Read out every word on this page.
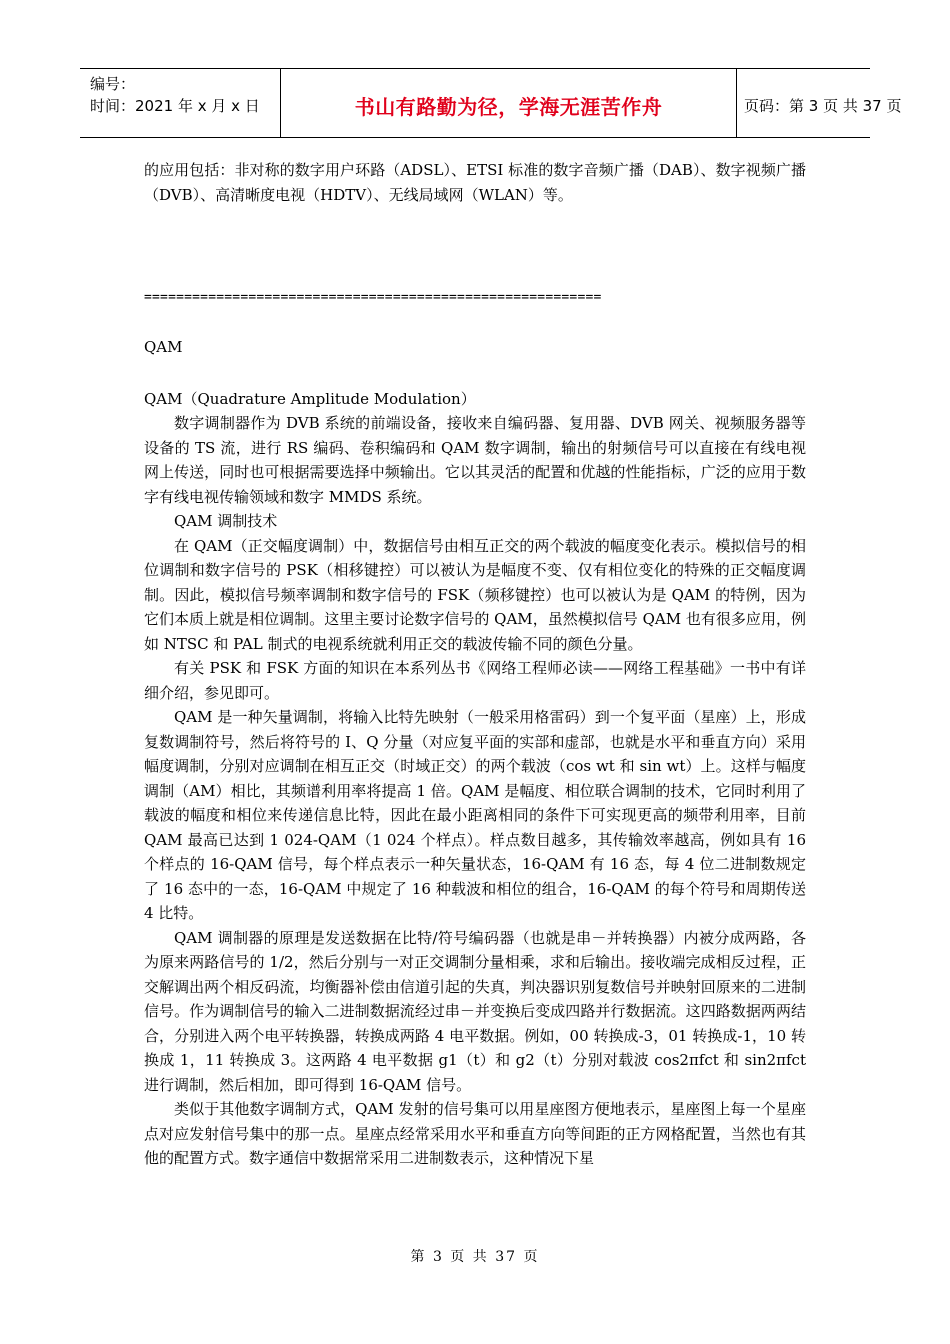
编号：
时间：2021 年 x 月 x 日	书山有路勤为径，学海无涯苦作舟	页码：第 3 页 共 37 页

的应用包括：非对称的数字用户环路（ADSL）、ETSI 标准的数字音频广播（DAB）、数字视频广播（DVB）、高清晰度电视（HDTV）、无线局域网（WLAN）等。

=========================================================

QAM

QAM（Quadrature Amplitude Modulation）

数字调制器作为 DVB 系统的前端设备，接收来自编码器、复用器、DVB 网关、视频服务器等设备的 TS 流，进行 RS 编码、卷积编码和 QAM 数字调制，输出的射频信号可以直接在有线电视网上传送，同时也可根据需要选择中频输出。它以其灵活的配置和优越的性能指标，广泛的应用于数字有线电视传输领域和数字 MMDS 系统。

QAM 调制技术

在 QAM（正交幅度调制）中，数据信号由相互正交的两个载波的幅度变化表示。模拟信号的相位调制和数字信号的 PSK（相移键控）可以被认为是幅度不变、仅有相位变化的特殊的正交幅度调制。因此，模拟信号频率调制和数字信号的 FSK（频移键控）也可以被认为是 QAM 的特例，因为它们本质上就是相位调制。这里主要讨论数字信号的 QAM，虽然模拟信号 QAM 也有很多应用，例如 NTSC 和 PAL 制式的电视系统就利用正交的载波传输不同的颜色分量。

有关 PSK 和 FSK 方面的知识在本系列丛书《网络工程师必读——网络工程基础》一书中有详细介绍，参见即可。

QAM 是一种矢量调制，将输入比特先映射（一般采用格雷码）到一个复平面（星座）上，形成复数调制符号，然后将符号的 I、Q 分量（对应复平面的实部和虚部，也就是水平和垂直方向）采用幅度调制，分别对应调制在相互正交（时域正交）的两个载波（cos wt 和 sin wt）上。这样与幅度调制（AM）相比，其频谱利用率将提高 1 倍。QAM 是幅度、相位联合调制的技术，它同时利用了载波的幅度和相位来传递信息比特，因此在最小距离相同的条件下可实现更高的频带利用率，目前 QAM 最高已达到 1 024-QAM（1 024 个样点）。样点数目越多，其传输效率越高，例如具有 16 个样点的 16-QAM 信号，每个样点表示一种矢量状态，16-QAM 有 16 态，每 4 位二进制数规定了 16 态中的一态，16-QAM 中规定了 16 种载波和相位的组合，16-QAM 的每个符号和周期传送 4 比特。

QAM 调制器的原理是发送数据在比特/符号编码器（也就是串－并转换器）内被分成两路，各为原来两路信号的 1/2，然后分别与一对正交调制分量相乘，求和后输出。接收端完成相反过程，正交解调出两个相反码流，均衡器补偿由信道引起的失真，判决器识别复数信号并映射回原来的二进制信号。作为调制信号的输入二进制数据流经过串－并变换后变成四路并行数据流。这四路数据两两结合，分别进入两个电平转换器，转换成两路 4 电平数据。例如，00 转换成-3，01 转换成-1，10 转换成 1，11 转换成 3。这两路 4 电平数据 g1（t）和 g2（t）分别对载波 cos2πfct 和 sin2πfct 进行调制，然后相加，即可得到 16-QAM 信号。

类似于其他数字调制方式，QAM 发射的信号集可以用星座图方便地表示，星座图上每一个星座点对应发射信号集中的那一点。星座点经常采用水平和垂直方向等间距的正方网格配置，当然也有其他的配置方式。数字通信中数据常采用二进制数表示，这种情况下星

第 3 页 共 37 页
